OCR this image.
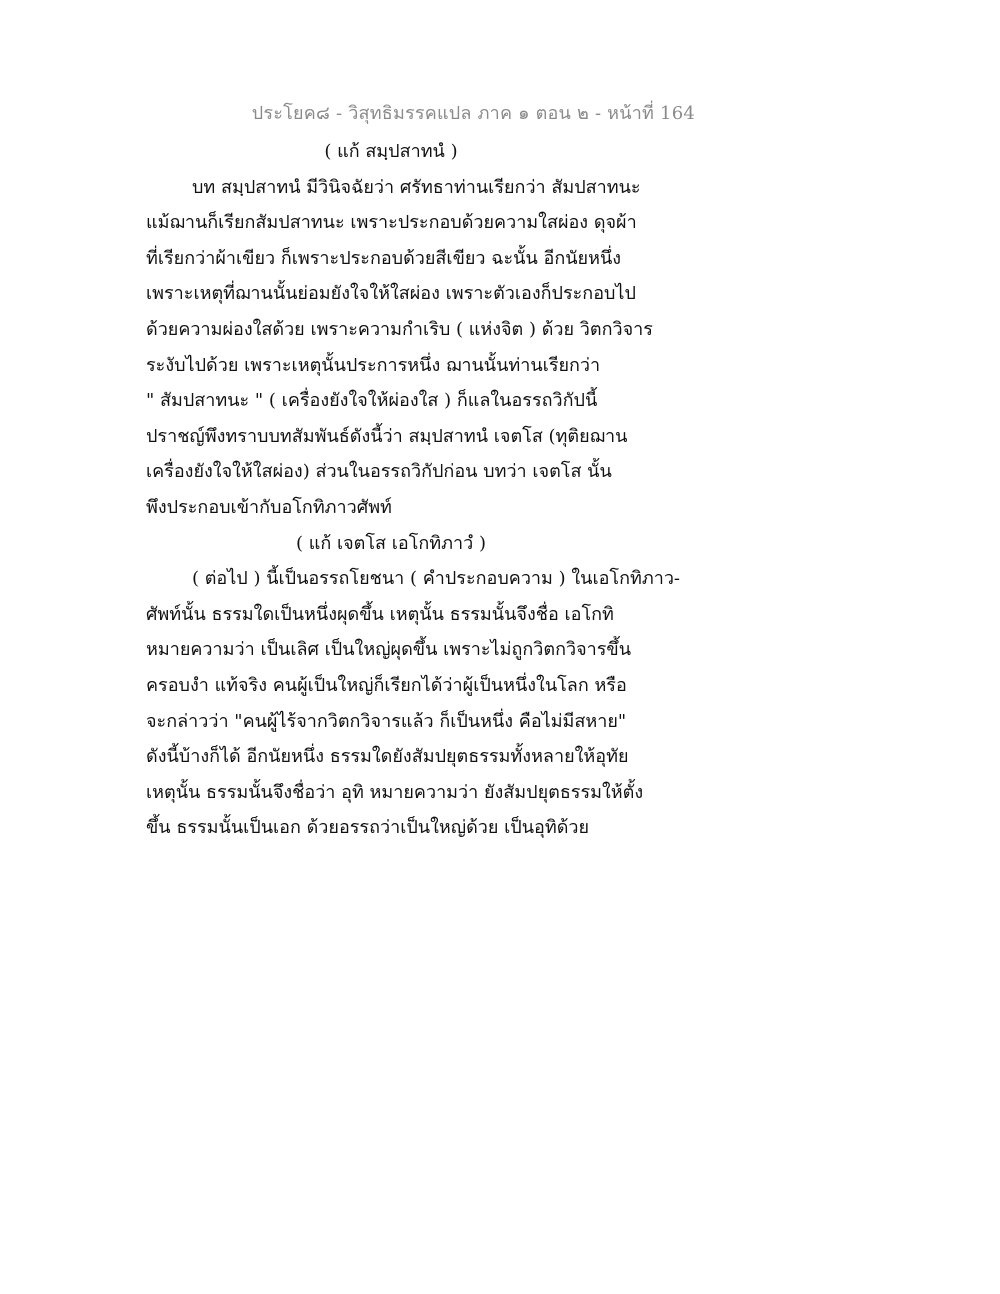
ประโยค๘ - วิสุทธิมรรคแปล ภาค ๑ ตอน ๒ - หน้าที่ 164
( แก้ สมฺปสาทนํ )
บท สมฺปสาทนํ มีวินิจฉัยว่า ศรัทธาท่านเรียกว่า สัมปสาทนะ
แม้ฌานก็เรียกสัมปสาทนะ เพราะประกอบด้วยความใสผ่อง ดุจผ้า
ที่เรียกว่าผ้าเขียว ก็เพราะประกอบด้วยสีเขียว ฉะนั้น อีกนัยหนึ่ง
เพราะเหตุที่ฌานนั้นย่อมยังใจให้ใสผ่อง เพราะตัวเองก็ประกอบไป
ด้วยความผ่องใสด้วย เพราะความกำเริบ ( แห่งจิต ) ด้วย วิตกวิจาร
ระงับไปด้วย เพราะเหตุนั้นประการหนึ่ง ฌานนั้นท่านเรียกว่า
" สัมปสาทนะ " ( เครื่องยังใจให้ผ่องใส ) ก็แลในอรรถวิกัปนี้
ปราชญ์พึงทราบบทสัมพันธ์ดังนี้ว่า สมฺปสาทนํ เจตโส (ทุติยฌาน
เครื่องยังใจให้ใสผ่อง) ส่วนในอรรถวิกัปก่อน บทว่า เจตโส นั้น
พึงประกอบเข้ากับอโกทิภาวศัพท์
( แก้ เจตโส เอโกทิภาวํ )
( ต่อไป ) นี้เป็นอรรถโยชนา ( คำประกอบความ ) ในเอโกทิภาว-
ศัพท์นั้น ธรรมใดเป็นหนึ่งผุดขึ้น เหตุนั้น ธรรมนั้นจึงชื่อ เอโกทิ
หมายความว่า เป็นเลิศ เป็นใหญ่ผุดขึ้น เพราะไม่ถูกวิตกวิจารขึ้น
ครอบงำ แท้จริง คนผู้เป็นใหญ่ก็เรียกได้ว่าผู้เป็นหนึ่งในโลก หรือ
จะกล่าวว่า "คนผู้ไร้จากวิตกวิจารแล้ว ก็เป็นหนึ่ง คือไม่มีสหาย"
ดังนี้บ้างก็ได้ อีกนัยหนึ่ง ธรรมใดยังสัมปยุตธรรมทั้งหลายให้อุทัย
เหตุนั้น ธรรมนั้นจึงชื่อว่า อุทิ หมายความว่า ยังสัมปยุตธรรมให้ตั้ง
ขึ้น ธรรมนั้นเป็นเอก ด้วยอรรถว่าเป็นใหญ่ด้วย เป็นอุทิด้วย
